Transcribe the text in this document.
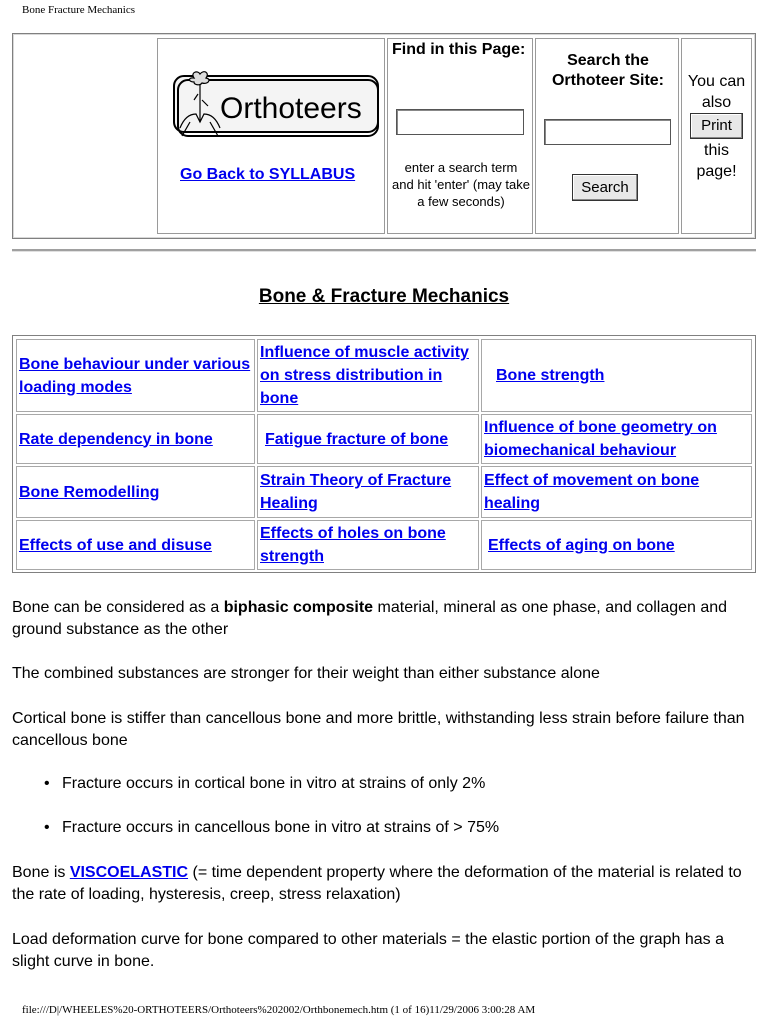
Bone Fracture Mechanics
Orthoteers
Go Back to SYLLABUS
Find in this Page:
enter a search term and hit 'enter' (may take a few seconds)
Search the Orthoteer Site:
Search
You can also
Print
this page!
Bone & Fracture Mechanics
Bone behaviour under various loading modes
Influence of muscle activity on stress distribution in bone
Bone strength
Rate dependency in bone	Fatigue fracture of bone
Influence of bone geometry on biomechanical behaviour
Bone Remodelling
Strain Theory of Fracture Healing
Effect of movement on bone healing
Effects of use and disuse
Effects of holes on bone strength
Effects of aging on bone
Bone can be considered as a biphasic composite material, mineral as one phase, and collagen and ground substance as the other
The combined substances are stronger for their weight than either substance alone
Cortical bone is stiffer than cancellous bone and more brittle, withstanding less strain before failure than cancellous bone
• Fracture occurs in cortical bone in vitro at strains of only 2%
• Fracture occurs in cancellous bone in vitro at strains of > 75%
Bone is VISCOELASTIC (= time dependent property where the deformation of the material is related to the rate of loading, hysteresis, creep, stress relaxation)
Load deformation curve for bone compared to other materials = the elastic portion of the graph has a slight curve in bone.
file:///D|/WHEELES%20-ORTHOTEERS/Orthoteers%202002/Orthbonemech.htm (1 of 16)11/29/2006 3:00:28 AM
